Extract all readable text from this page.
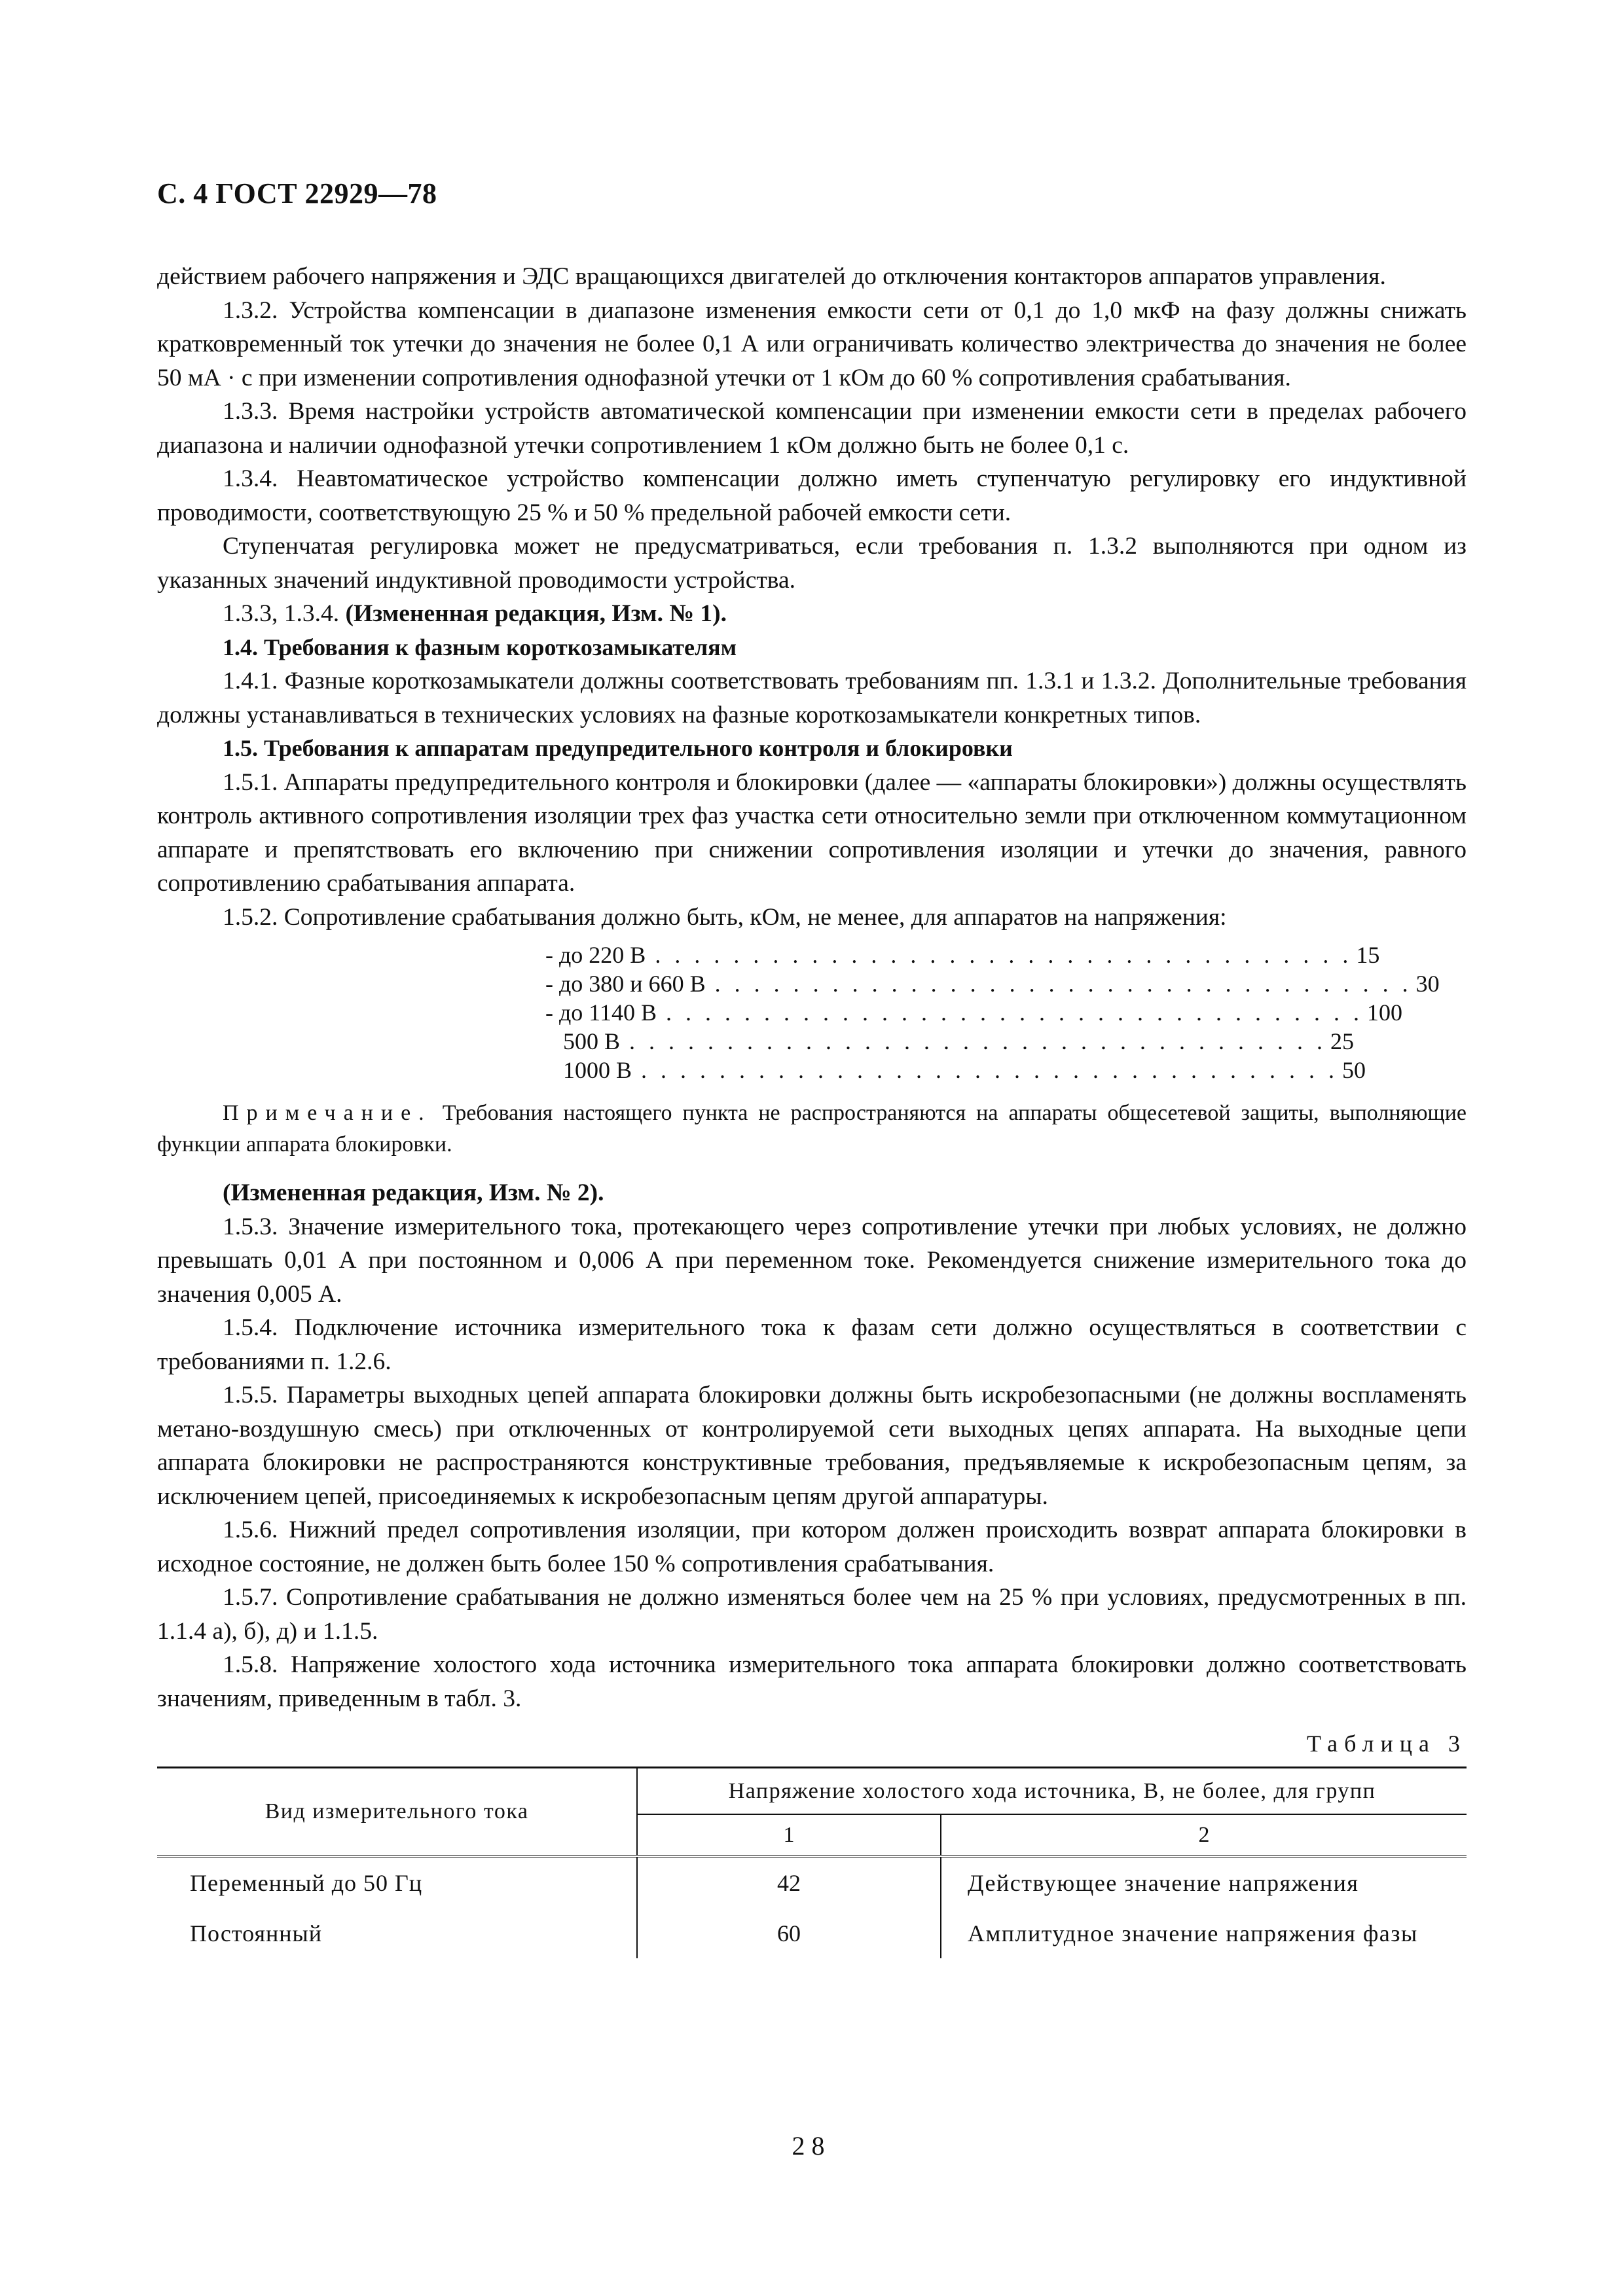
С. 4 ГОСТ 22929—78

действием рабочего напряжения и ЭДС вращающихся двигателей до отключения контакторов аппаратов управления.

1.3.2. Устройства компенсации в диапазоне изменения емкости сети от 0,1 до 1,0 мкФ на фазу должны снижать кратковременный ток утечки до значения не более 0,1 А или ограничивать количество электричества до значения не более 50 мА · с при изменении сопротивления однофазной утечки от 1 кОм до 60 % сопротивления срабатывания.

1.3.3. Время настройки устройств автоматической компенсации при изменении емкости сети в пределах рабочего диапазона и наличии однофазной утечки сопротивлением 1 кОм должно быть не более 0,1 с.

1.3.4. Неавтоматическое устройство компенсации должно иметь ступенчатую регулировку его индуктивной проводимости, соответствующую 25 % и 50 % предельной рабочей емкости сети.

Ступенчатая регулировка может не предусматриваться, если требования п. 1.3.2 выполняются при одном из указанных значений индуктивной проводимости устройства.

1.3.3, 1.3.4. (Измененная редакция, Изм. № 1).

1.4. Требования к фазным короткозамыкателям

1.4.1. Фазные короткозамыкатели должны соответствовать требованиям пп. 1.3.1 и 1.3.2. Дополнительные требования должны устанавливаться в технических условиях на фазные короткозамыкатели конкретных типов.

1.5. Требования к аппаратам предупредительного контроля и блокировки

1.5.1. Аппараты предупредительного контроля и блокировки (далее — «аппараты блокировки») должны осуществлять контроль активного сопротивления изоляции трех фаз участка сети относительно земли при отключенном коммутационном аппарате и препятствовать его включению при снижении сопротивления изоляции и утечки до значения, равного сопротивлению срабатывания аппарата.

1.5.2. Сопротивление срабатывания должно быть, кОм, не менее, для аппаратов на напряжения:

- до 220 В . . . . . . . . . . . . . . . . . . . . . . . . . . . . . . . . . . . . 15
- до 380 и 660 В . . . . . . . . . . . . . . . . . . . . . . . . . . . . . . . . . . . . 30
- до 1140 В . . . . . . . . . . . . . . . . . . . . . . . . . . . . . . . . . . . . 100
500 В . . . . . . . . . . . . . . . . . . . . . . . . . . . . . . . . . . . . 25
1000 В . . . . . . . . . . . . . . . . . . . . . . . . . . . . . . . . . . . . 50

Примечание. Требования настоящего пункта не распространяются на аппараты общесетевой защиты, выполняющие функции аппарата блокировки.

(Измененная редакция, Изм. № 2).

1.5.3. Значение измерительного тока, протекающего через сопротивление утечки при любых условиях, не должно превышать 0,01 А при постоянном и 0,006 А при переменном токе. Рекомендуется снижение измерительного тока до значения 0,005 А.

1.5.4. Подключение источника измерительного тока к фазам сети должно осуществляться в соответствии с требованиями п. 1.2.6.

1.5.5. Параметры выходных цепей аппарата блокировки должны быть искробезопасными (не должны воспламенять метано-воздушную смесь) при отключенных от контролируемой сети выходных цепях аппарата. На выходные цепи аппарата блокировки не распространяются конструктивные требования, предъявляемые к искробезопасным цепям, за исключением цепей, присоединяемых к искробезопасным цепям другой аппаратуры.

1.5.6. Нижний предел сопротивления изоляции, при котором должен происходить возврат аппарата блокировки в исходное состояние, не должен быть более 150 % сопротивления срабатывания.

1.5.7. Сопротивление срабатывания не должно изменяться более чем на 25 % при условиях, предусмотренных в пп. 1.1.4 а), б), д) и 1.1.5.

1.5.8. Напряжение холостого хода источника измерительного тока аппарата блокировки должно соответствовать значениям, приведенным в табл. 3.

Таблица 3
Вид измерительного тока	Напряжение холостого хода источника, В, не более, для групп	
	1	2
Переменный до 50 Гц	42	Действующее значение напряжения
Постоянный	60	Амплитудное значение напряжения фазы
28
